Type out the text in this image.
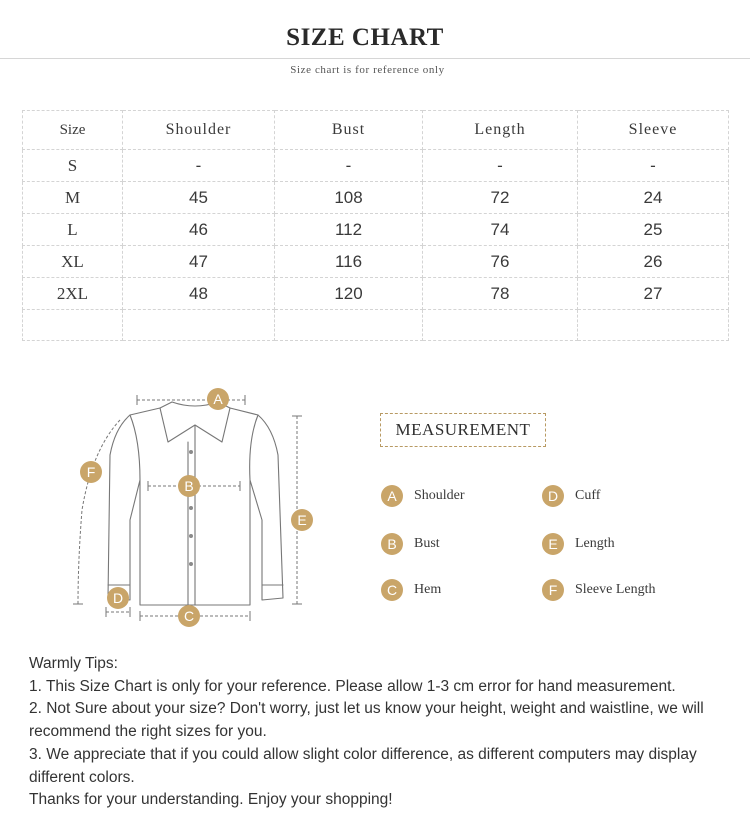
SIZE CHART
Size chart is for reference only
Size	Shoulder	Bust	Length	Sleeve
S	-	-	-	-
M	45	108	72	24
L	46	112	74	25
XL	47	116	76	26
2XL	48	120	78	27

A
B
C
D
E
F
MEASUREMENT
A	Shoulder
B	Bust
C	Hem
D	Cuff
E	Length
F	Sleeve Length

Warmly Tips:

1. This Size Chart is only for your reference. Please allow 1-3 cm error for hand measurement.

2. Not Sure about your size? Don't worry, just let us know your height, weight and waistline, we will recommend the right sizes for you.

3. We appreciate that if you could allow slight color difference, as different computers may display different colors.

Thanks for your understanding. Enjoy your shopping!
